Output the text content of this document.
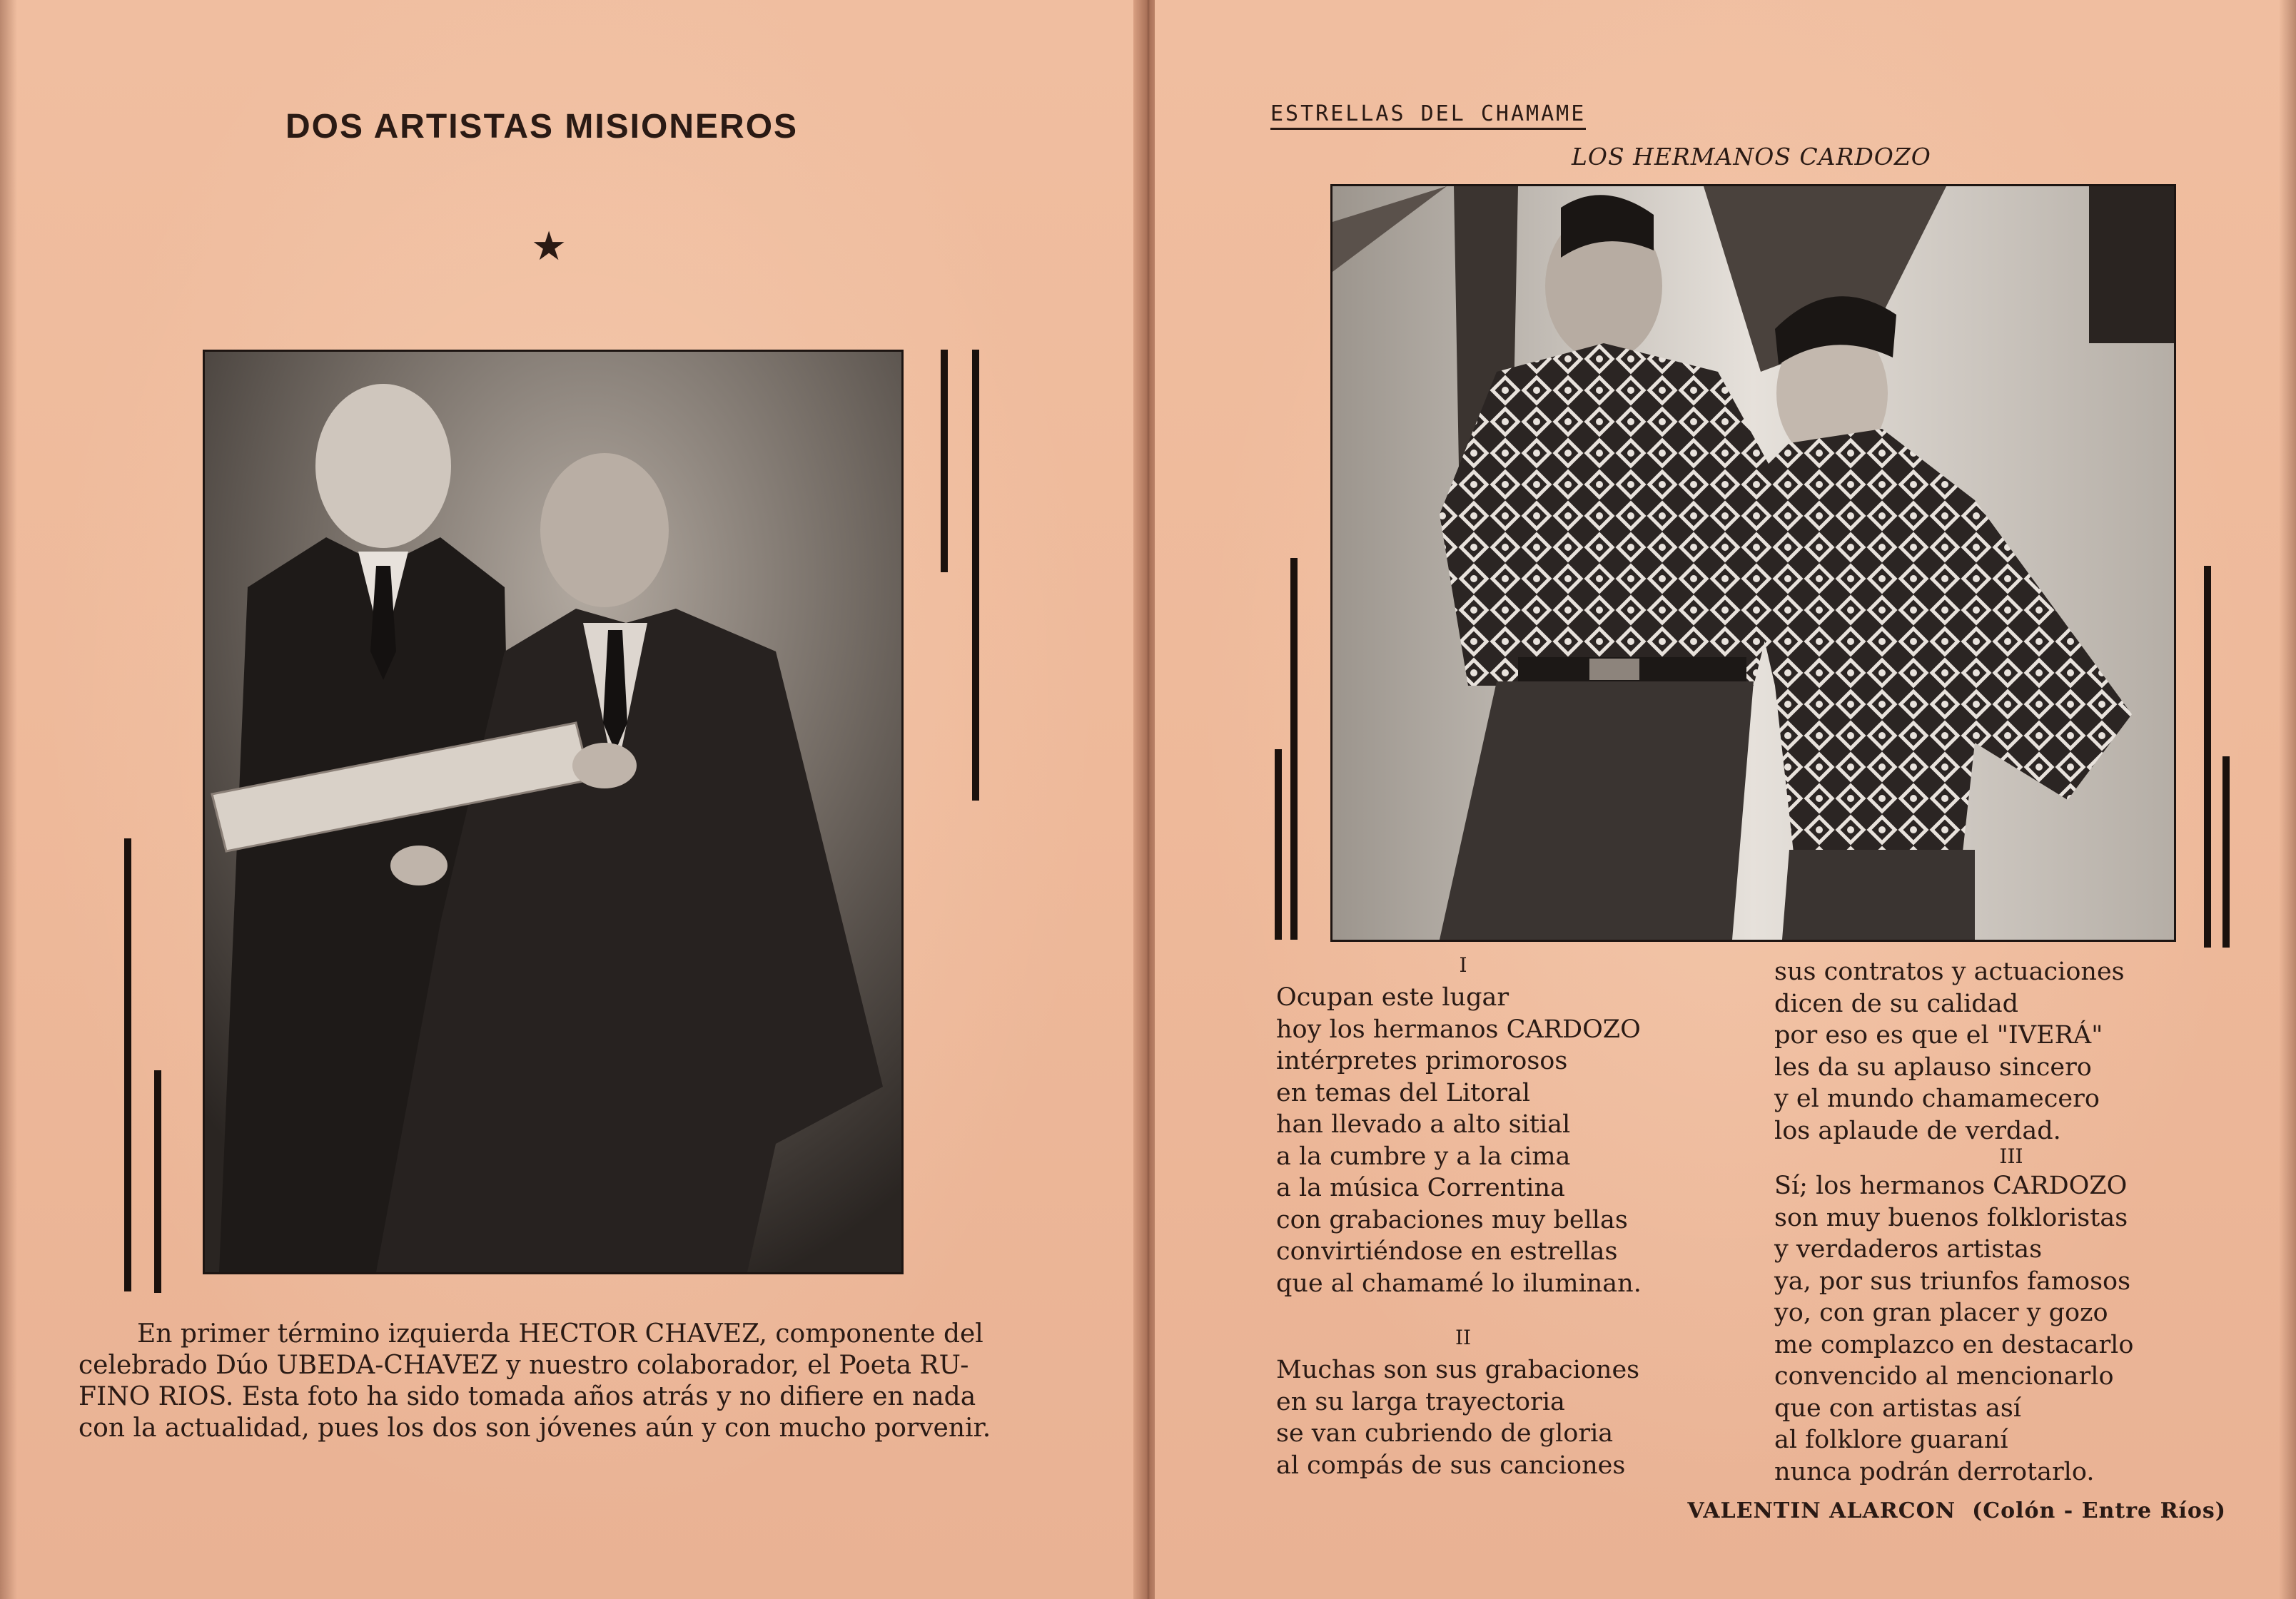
DOS ARTISTAS MISIONEROS
★

En primer término izquierda HECTOR CHAVEZ, componente del
celebrado Dúo UBEDA-CHAVEZ y nuestro colaborador, el Poeta RU-
FINO RIOS. Esta foto ha sido tomada años atrás y no difiere en nada
con la actualidad, pues los dos son jóvenes aún y con mucho porvenir.

ESTRELLAS DEL CHAMAME
LOS HERMANOS CARDOZO
I

Ocupan este lugar
hoy los hermanos CARDOZO
intérpretes primorosos
en temas del Litoral
han llevado a alto sitial
a la cumbre y a la cima
a la música Correntina
con grabaciones muy bellas
convirtiéndose en estrellas
que al chamamé lo iluminan.

II

Muchas son sus grabaciones
en su larga trayectoria
se van cubriendo de gloria
al compás de sus canciones

sus contratos y actuaciones
dicen de su calidad
por eso es que el "IVERÁ"
les da su aplauso sincero
y el mundo chamamecero
los aplaude de verdad.

III

Sí; los hermanos CARDOZO
son muy buenos folkloristas
y verdaderos artistas
ya, por sus triunfos famosos
yo, con gran placer y gozo
me complazco en destacarlo
convencido al mencionarlo
que con artistas así
al folklore guaraní
nunca podrán derrotarlo.

VALENTIN ALARCON (Colón - Entre Ríos)
